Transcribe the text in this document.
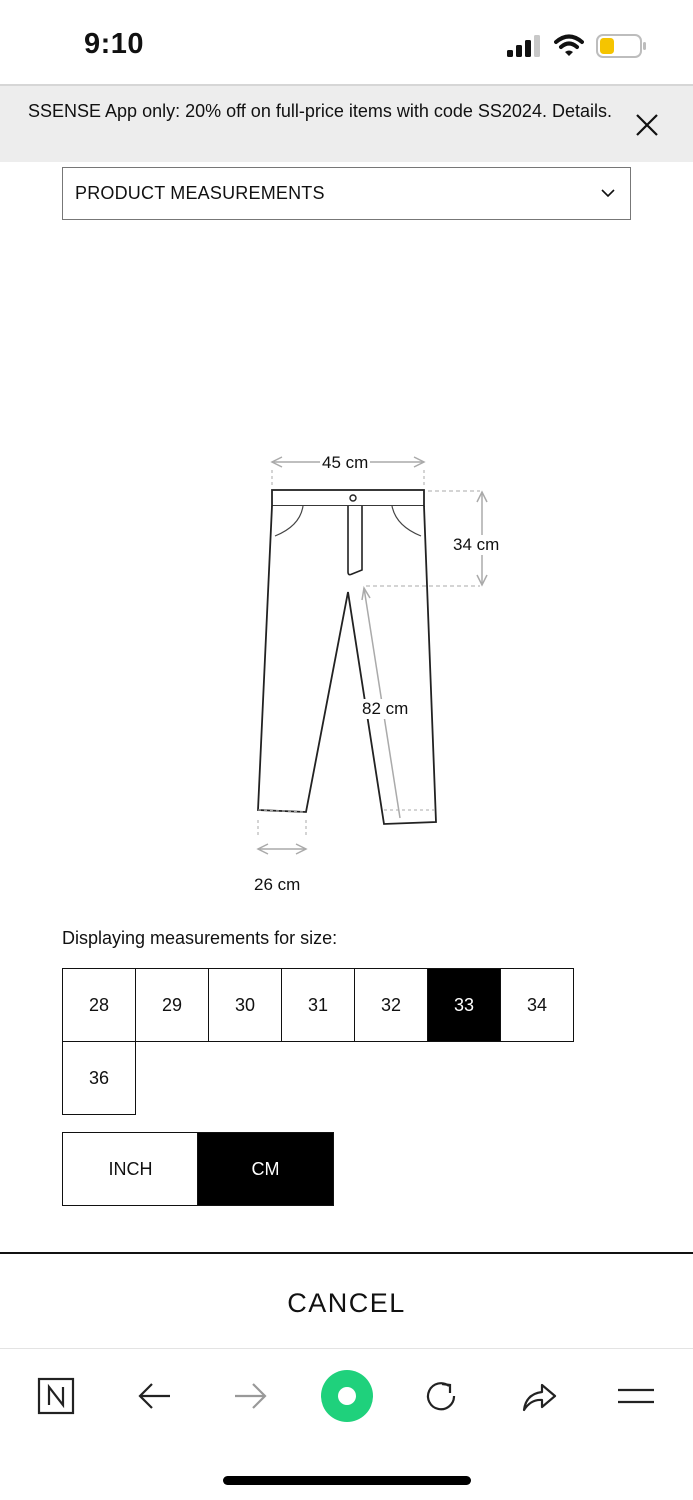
9:10
SSENSE App only: 20% off on full-price items with code SS2024. Details.
PRODUCT MEASUREMENTS
45 cm
34 cm
82 cm
26 cm
Displaying measurements for size:
28	29	30	31	32	33	34
36
INCH	CM
CANCEL
